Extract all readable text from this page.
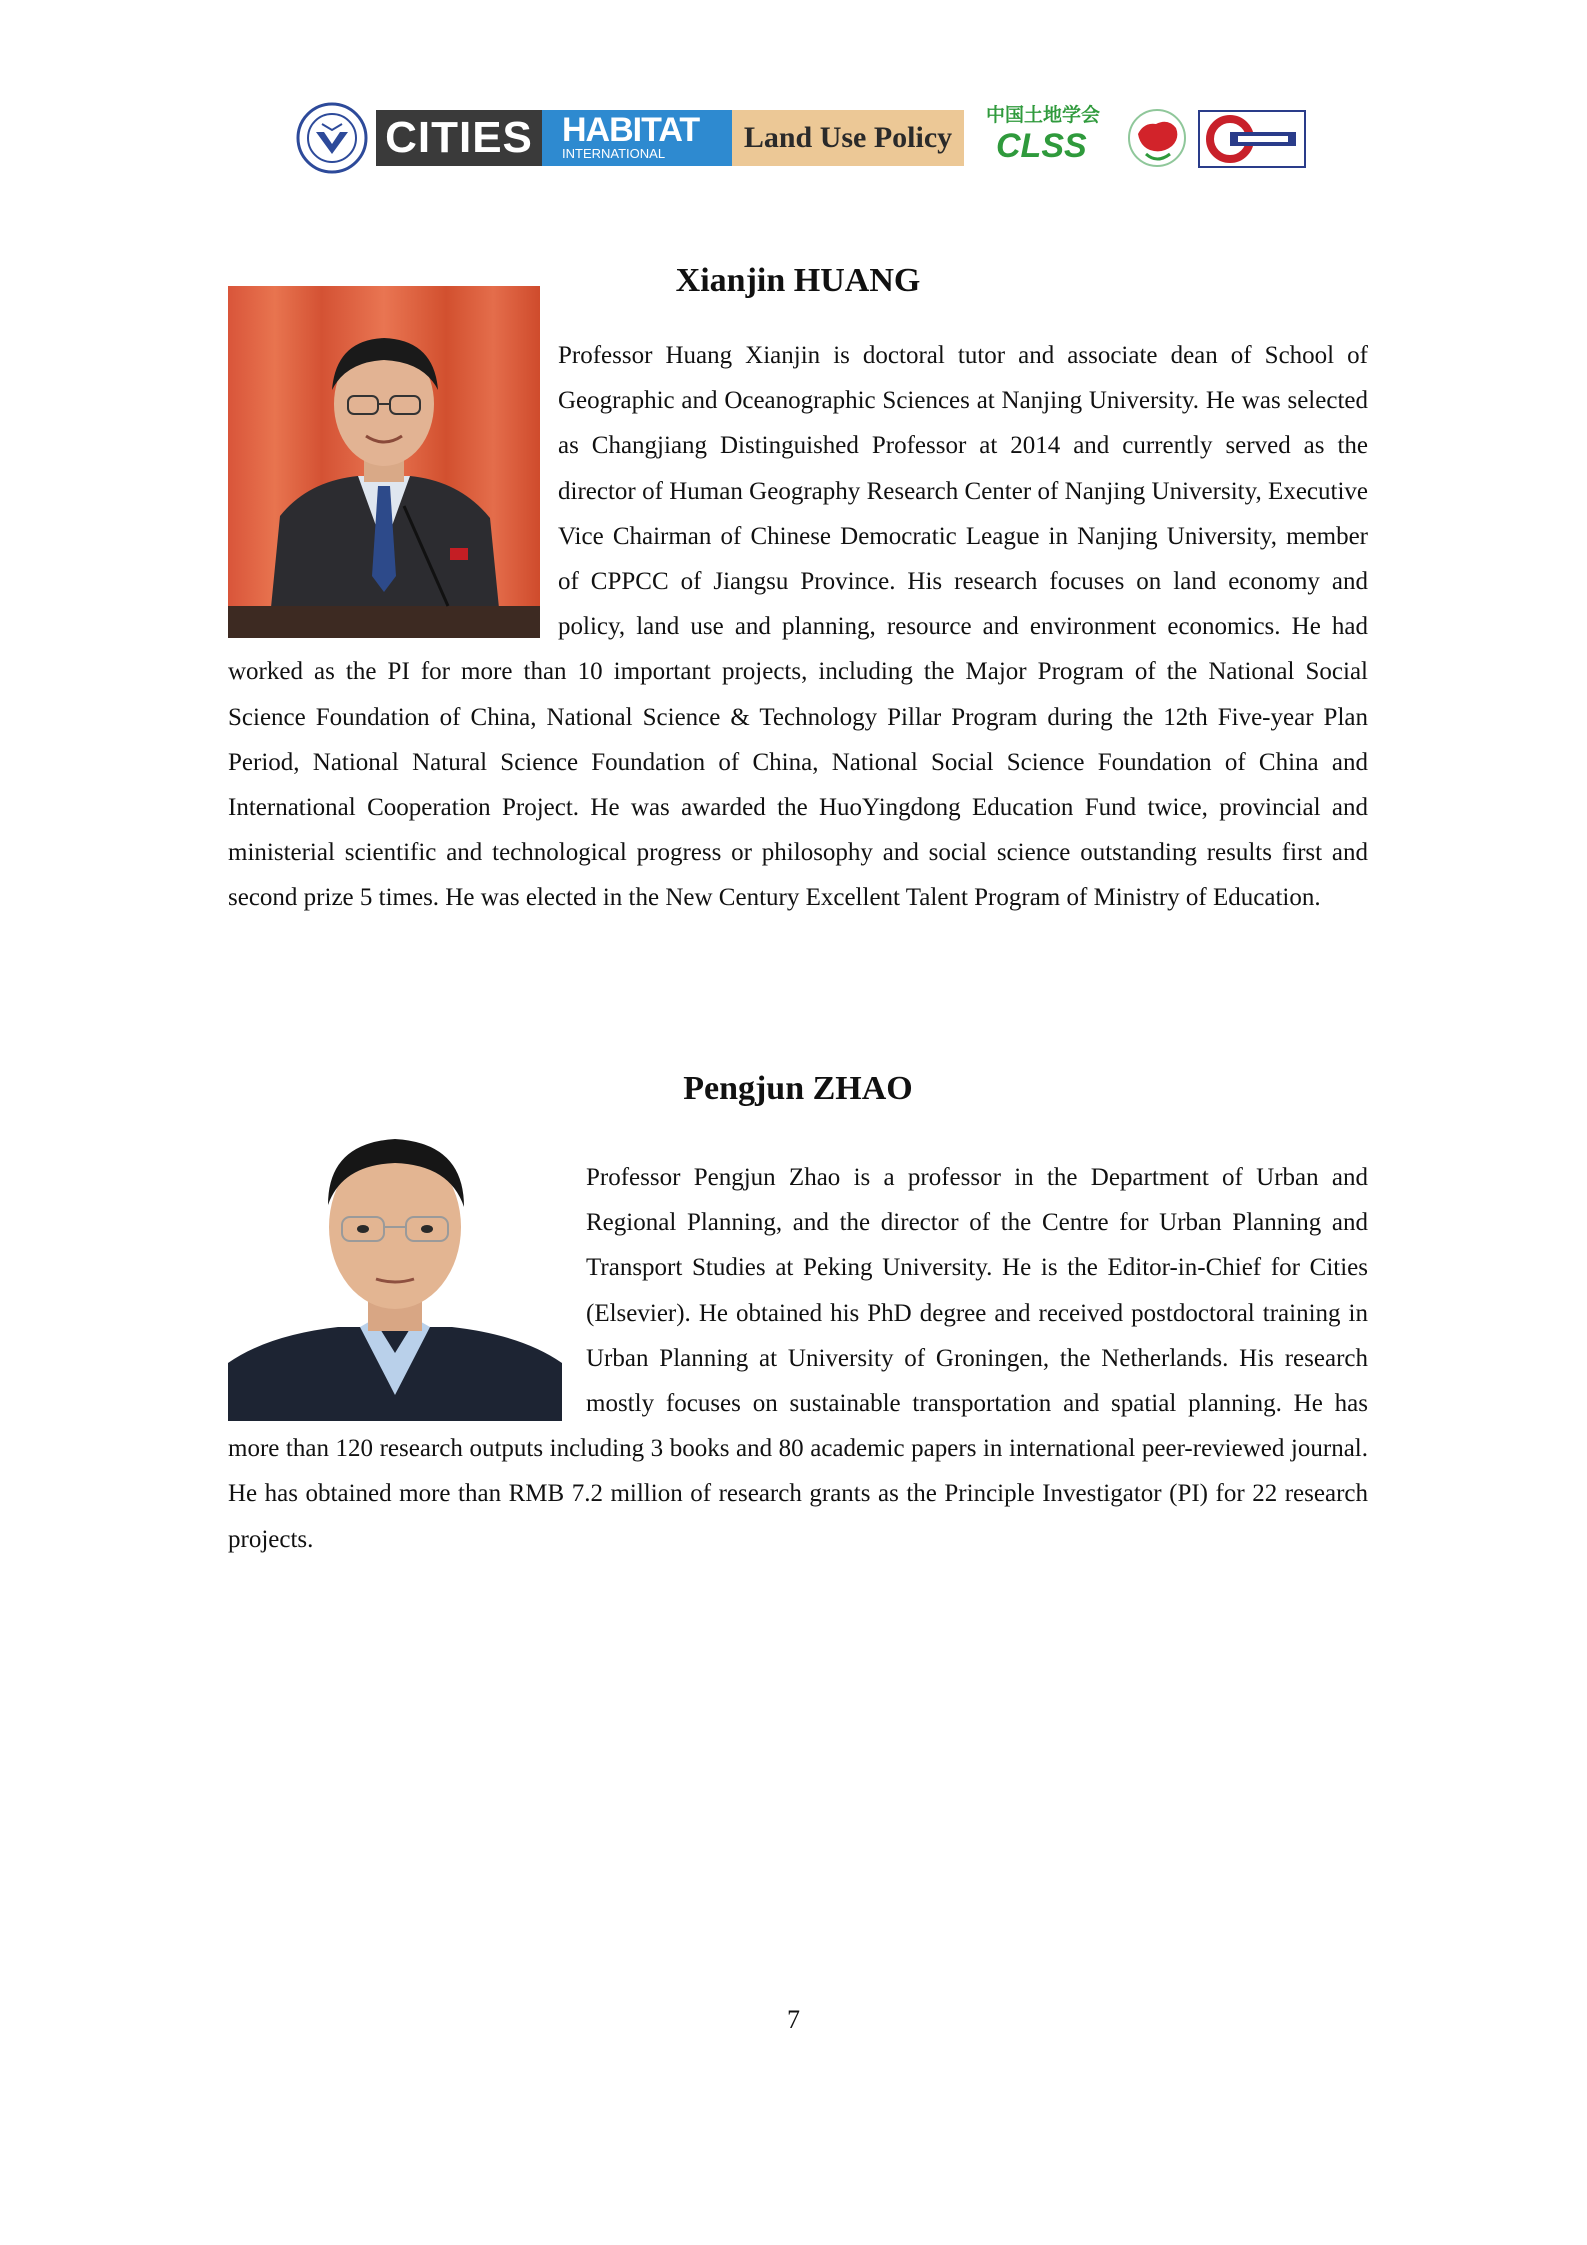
CITIES HABITAT
INTERNATIONAL	Land Use Policy
中国土地学会
CLSS
Xianjin HUANG

Professor Huang Xianjin is doctoral tutor and associate dean of School of Geographic and Oceanographic Sciences at Nanjing University. He was selected as Changjiang Distinguished Professor at 2014 and currently served as the director of Human Geography Research Center of Nanjing University, Executive Vice Chairman of Chinese Democratic League in Nanjing University, member of CPPCC of Jiangsu Province. His research focuses on land economy and policy, land use and planning, resource and environment economics. He had worked as the PI for more than 10 important projects, including the Major Program of the National Social Science Foundation of China, National Science & Technology Pillar Program during the 12th Five-year Plan Period, National Natural Science Foundation of China, National Social Science Foundation of China and International Cooperation Project. He was awarded the HuoYingdong Education Fund twice, provincial and ministerial scientific and technological progress or philosophy and social science outstanding results first and second prize 5 times. He was elected in the New Century Excellent Talent Program of Ministry of Education.

Pengjun ZHAO

Professor Pengjun Zhao is a professor in the Department of Urban and Regional Planning, and the director of the Centre for Urban Planning and Transport Studies at Peking University. He is the Editor-in-Chief for Cities (Elsevier). He obtained his PhD degree and received postdoctoral training in Urban Planning at University of Groningen, the Netherlands. His research mostly focuses on sustainable transportation and spatial planning. He has more than 120 research outputs including 3 books and 80 academic papers in international peer-reviewed journal. He has obtained more than RMB 7.2 million of research grants as the Principle Investigator (PI) for 22 research projects.

7
